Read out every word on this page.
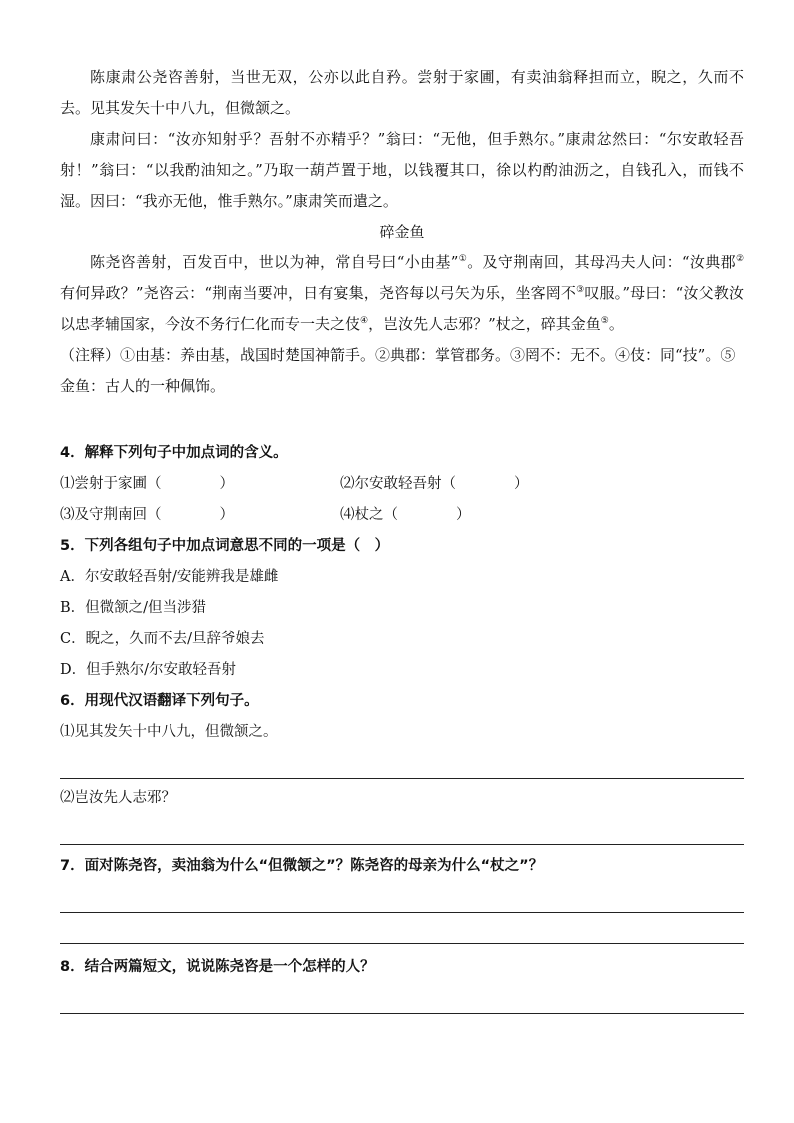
陈康肃公尧咨善射，当世无双，公亦以此自矜。尝射于家圃，有卖油翁释担而立，睨之，久而不去。见其发矢十中八九，但微颔之。

康肃问曰：“汝亦知射乎？吾射不亦精乎？”翁曰：“无他，但手熟尔。”康肃忿然曰：“尔安敢轻吾射！”翁曰：“以我酌油知之。”乃取一葫芦置于地，以钱覆其口，徐以杓酌油沥之，自钱孔入，而钱不湿。因曰：“我亦无他，惟手熟尔。”康肃笑而遣之。

碎金鱼

陈尧咨善射，百发百中，世以为神，常自号曰“小由基”①。及守荆南回，其母冯夫人问：“汝典郡②有何异政？”尧咨云：“荆南当要冲，日有宴集，尧咨每以弓矢为乐，坐客罔不③叹服。”母曰：“汝父教汝以忠孝辅国家，今汝不务行仁化而专一夫之伎④，岂汝先人志邪？”杖之，碎其金鱼⑤。

（注释）①由基：养由基，战国时楚国神箭手。②典郡：掌管郡务。③罔不：无不。④伎：同“技”。⑤金鱼：古人的一种佩饰。

4．解释下列句子中加点词的含义。

⑴尝射于家圃（　　　　）	⑵尔安敢轻吾射（　　　　）
⑶及守荆南回（　　　　）	⑷杖之（　　　　）

5．下列各组句子中加点词意思不同的一项是（　）

A．尔安敢轻吾射/安能辨我是雄雌

B．但微颔之/但当涉猎

C．睨之，久而不去/旦辞爷娘去

D．但手熟尔/尔安敢轻吾射

6．用现代汉语翻译下列句子。

⑴见其发矢十中八九，但微颔之。

⑵岂汝先人志邪？

7．面对陈尧咨，卖油翁为什么“但微颔之”？陈尧咨的母亲为什么“杖之”？

8．结合两篇短文，说说陈尧咨是一个怎样的人？
